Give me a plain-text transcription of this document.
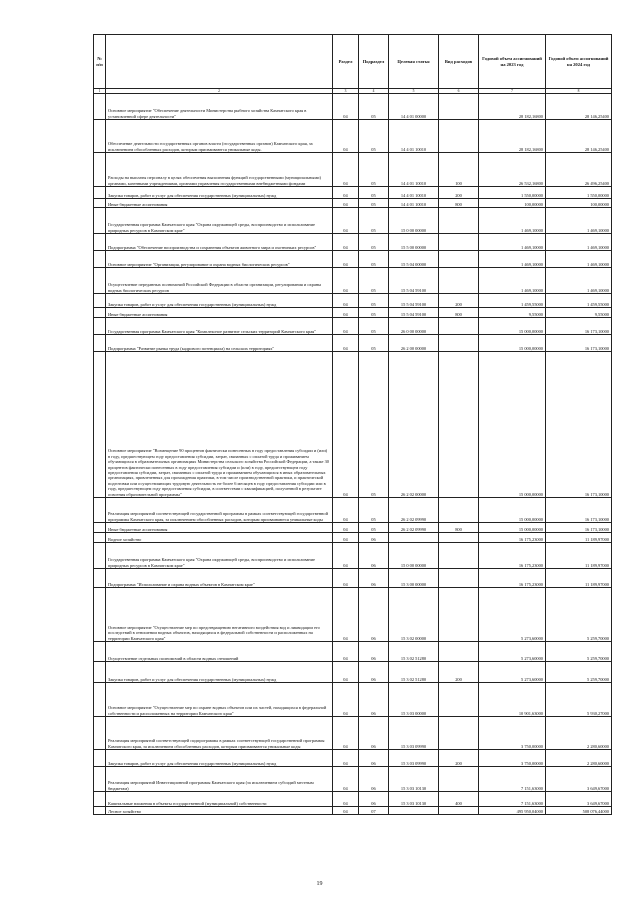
№ п/п		Раздел	Подраздел	Целевая статья	Вид расходов	Годовой объем ассигнований на 2023 год	Годовой объем ассигнований на 2024 год
1	2	3	4	5	6	7	8
	Основное мероприятие "Обеспечение деятельности Министерства рыбного хозяйства Камчатского края в установленной сфере деятельности"	04	05	14 4 01 00000		28 182,16800	28 146,25400
	Обеспечение деятельности государственных органов власти (государственных органов) Камчатского края, за исключением обособленных расходов, которым присваиваются уникальные коды.	04	05	14 4 01 10010		28 182,16800	28 146,25400
	Расходы на выплаты персоналу в целях обеспечения выполнения функций государственными (муниципальными) органами, казенными учреждениями, органами управления государственными внебюджетными фондами	04	05	14 4 01 10010	100	26 532,16800	26 496,25400
	Закупка товаров, работ и услуг для обеспечения государственных (муниципальных) нужд	04	05	14 4 01 10010	200	1 550,00000	1 550,00000
	Иные бюджетные ассигнования	04	05	14 4 01 10010	800	100,00000	100,00000
	Государственная программа Камчатского края "Охрана окружающей среды, воспроизводство и использование природных ресурсов в Камчатском крае"	04	05	15 0 00 00000		1 469,10000	1 469,10000
	Подпрограмма "Обеспечение воспроизводства и сохранения объектов животного мира и охотничьих ресурсов"	04	05	15 5 00 00000		1 469,10000	1 469,10000
	Основное мероприятие "Организация, регулирование и охрана водных биологических ресурсов"	04	05	15 5 04 00000		1 469,10000	1 469,10000
	Осуществление переданных полномочий Российской Федерации в области организации, регулирования и охраны водных биологических ресурсов	04	05	15 5 04 59100		1 469,10000	1 469,10000
	Закупка товаров, работ и услуг для обеспечения государственных (муниципальных) нужд	04	05	15 5 04 59100	200	1 459,55000	1 459,55000
	Иные бюджетные ассигнования	04	05	15 5 04 59100	800	9,55000	9,55000
	Государственная программа Камчатского края "Комплексное развитие сельских территорий Камчатского края"	04	05	26 0 00 00000		15 000,00000	16 173,10000
	Подпрограмма "Развитие рынка труда (кадрового потенциала) на сельских территориях"	04	05	26 2 00 00000		15 000,00000	16 173,10000
	Основное мероприятие "Возмещение 90 процентов фактически понесенных в году предоставления субсидии и (или) в году, предшествующем году предоставления субсидии, затрат, связанных с оплатой труда и проживанием обучающихся в образовательных организациях Министерства сельского хозяйства Российской Федерации, а также 30 процентов фактически понесенных в году предоставления субсидии и (или) в году, предшествующем году предоставления субсидии, затрат, связанных с оплатой труда и проживанием обучающихся в иных образовательных организациях, привлеченных для прохождения практики, в том числе производственной практики, и практической подготовки или осуществляющих трудовую деятельность не более 6 месяцев в году предоставления субсидии или в году, предшествующем году предоставления субсидии, в соответствии с квалификацией, полученной в результате освоения образовательной программы"	04	05	26 2 02 00000		15 000,00000	16 173,10000
	Реализация мероприятий соответствующей государственной программы в рамках соответствующей государственной программы Камчатского края, за исключением обособленных расходов, которым присваиваются уникальные коды	04	05	26 2 02 09990		15 000,00000	16 173,10000
	Иные бюджетные ассигнования	04	05	26 2 02 09990	800	15 000,00000	16 173,10000
	Водное хозяйство	04	06			16 175,23000	11 189,97000
	Государственная программа Камчатского края "Охрана окружающей среды, воспроизводство и использование природных ресурсов в Камчатском крае"	04	06	15 0 00 00000		16 175,23000	11 189,97000
	Подпрограмма "Использование и охрана водных объектов в Камчатском крае"	04	06	15 3 00 00000		16 175,23000	11 189,97000
	Основное мероприятие "Осуществление мер по предотвращению негативного воздействия вод и ликвидации его последствий в отношении водных объектов, находящихся в федеральной собственности и расположенных на территории Камчатского края"	04	06	15 3 02 00000		5 273,60000	5 259,70000
	Осуществление отдельных полномочий в области водных отношений	04	06	15 3 02 51280		5 273,60000	5 259,70000
	Закупка товаров, работ и услуг для обеспечения государственных (муниципальных) нужд	04	06	15 3 02 51280	200	5 273,60000	5 259,70000
	Основное мероприятие "Осуществление мер по охране водных объектов или их частей, находящихся в федеральной собственности и расположенных на территории Камчатского края"	04	06	15 3 03 00000		10 901,63000	5 930,27000
	Реализация мероприятий соответствующей подпрограммы в рамках соответствующей государственной программы Камчатского края, за исключением обособленных расходов, которым присваиваются уникальные коды	04	06	15 3 03 09990		3 750,00000	2 280,60000
	Закупка товаров, работ и услуг для обеспечения государственных (муниципальных) нужд	04	06	15 3 03 09990	200	3 750,00000	2 280,60000
	Реализация мероприятий Инвестиционной программы Камчатского края (за исключением субсидий местным бюджетам)	04	06	15 3 03 10130		7 151,63000	3 649,67000
	Капитальные вложения в объекты государственной (муниципальной) собственности	04	06	15 3 03 10130	400	7 151,63000	3 649,67000
	Лесное хозяйство	04	07			495 950,04000	508 076,44000
19
